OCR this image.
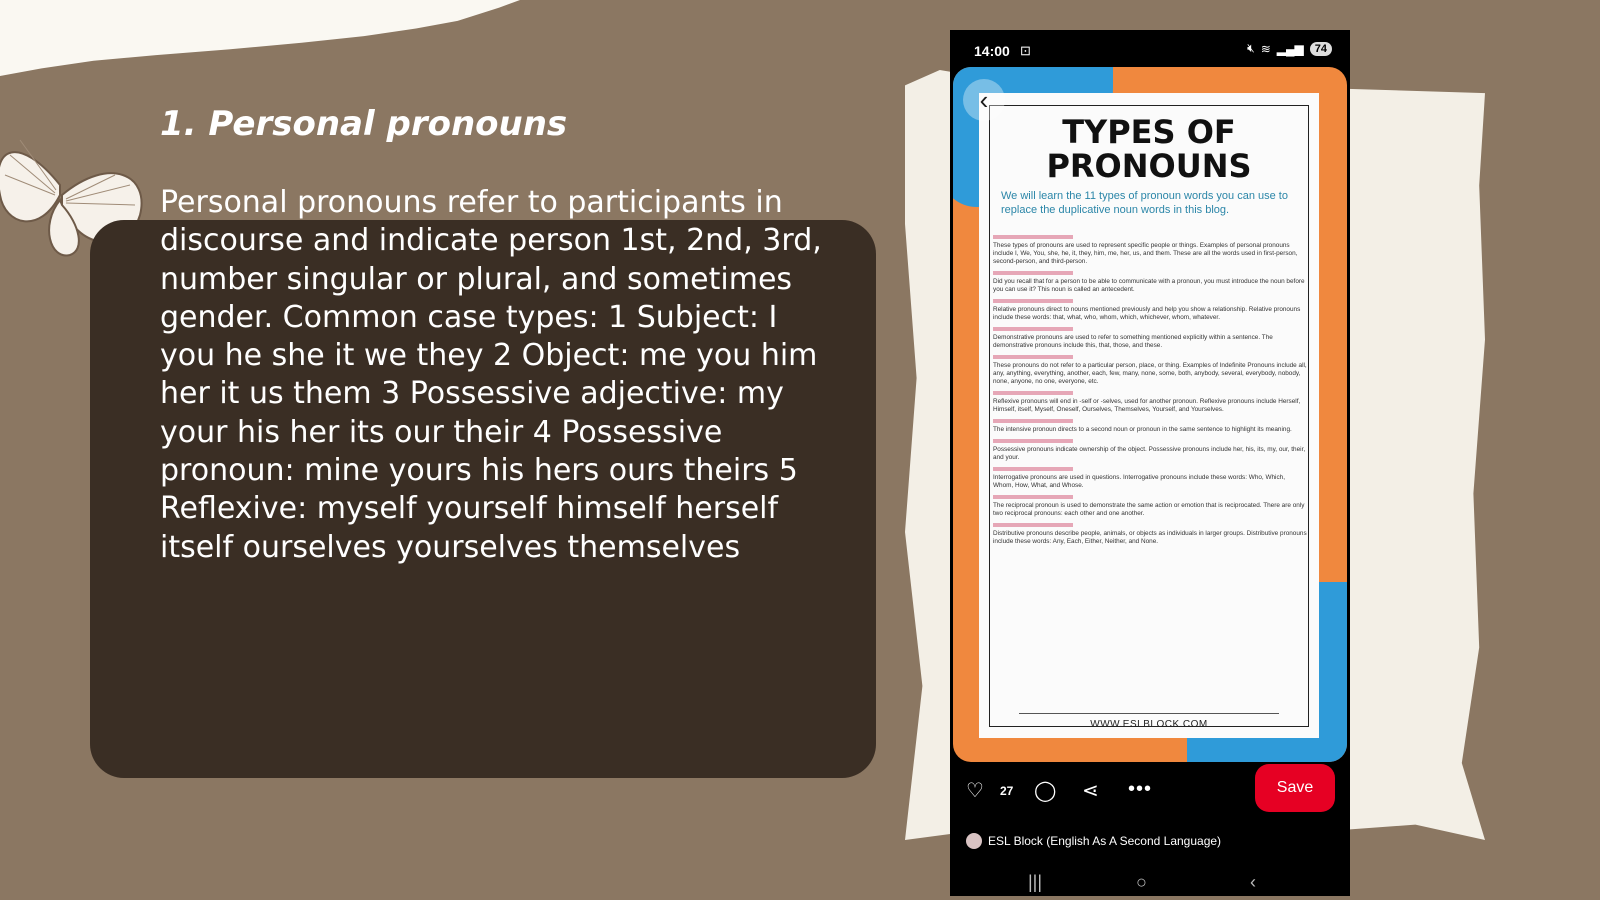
1. Personal pronouns

Personal pronouns refer to participants in discourse and indicate person 1st, 2nd, 3rd, number singular or plural, and sometimes gender. Common case types: 1 Subject: I you he she it we they 2 Object: me you him her it us them 3 Possessive adjective: my your his her its our their 4 Possessive pronoun: mine yours his hers ours theirs 5 Reflexive: myself yourself himself herself itself ourselves yourselves themselves

14:00 ⊡	🔇︎ ≋ ▂▄▆	74
TYPES OF PRONOUNS
We will learn the 11 types of pronoun words you can use to replace the duplicative noun words in this blog.
These types of pronouns are used to represent specific people or things. Examples of personal pronouns include I, We, You, she, he, it, they, him, me, her, us, and them. These are all the words used in first-person, second-person, and third-person.
Did you recall that for a person to be able to communicate with a pronoun, you must introduce the noun before you can use it? This noun is called an antecedent.
Relative pronouns direct to nouns mentioned previously and help you show a relationship. Relative pronouns include these words: that, what, who, whom, which, whichever, whom, whatever.
Demonstrative pronouns are used to refer to something mentioned explicitly within a sentence. The demonstrative pronouns include this, that, those, and these.
These pronouns do not refer to a particular person, place, or thing. Examples of Indefinite Pronouns include all, any, anything, everything, another, each, few, many, none, some, both, anybody, several, everybody, nobody, none, anyone, no one, everyone, etc.
Reflexive pronouns will end in -self or -selves, used for another pronoun. Reflexive pronouns include Herself, Himself, itself, Myself, Oneself, Ourselves, Themselves, Yourself, and Yourselves.
The intensive pronoun directs to a second noun or pronoun in the same sentence to highlight its meaning.
Possessive pronouns indicate ownership of the object. Possessive pronouns include her, his, its, my, our, their, and your.
Interrogative pronouns are used in questions. Interrogative pronouns include these words: Who, Which, Whom, How, What, and Whose.
The reciprocal pronoun is used to demonstrate the same action or emotion that is reciprocated. There are only two reciprocal pronouns: each other and one another.
Distributive pronouns describe people, animals, or objects as individuals in larger groups. Distributive pronouns include these words: Any, Each, Either, Neither, and None.
WWW.ESLBLOCK.COM
‹
♡ 27 ◯ ⋖ •••	Save
ESL Block (English As A Second Language)
|||	○	‹
